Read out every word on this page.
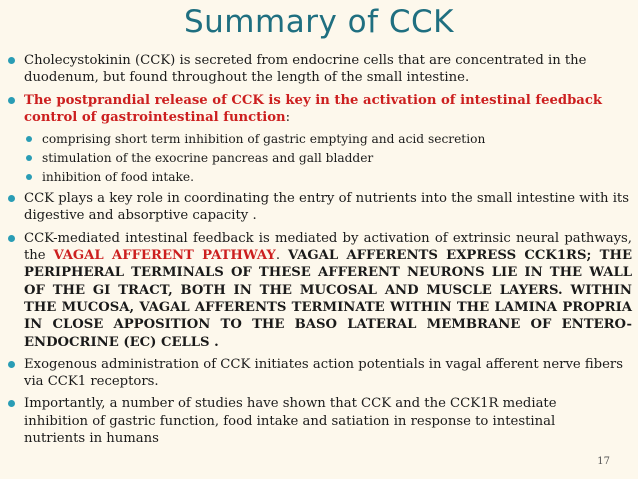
Summary of CCK
Cholecystokinin (CCK) is secreted from endocrine cells that are concentrated in the duodenum, but found throughout the length of the small intestine.
The postprandial release of CCK is key in the activation of intestinal feedback control of gastrointestinal function:
comprising short term inhibition of gastric emptying and acid secretion
stimulation of the exocrine pancreas and gall bladder
inhibition of food intake.
CCK plays a key role in coordinating the entry of nutrients into the small intestine with its digestive and absorptive capacity .
CCK-mediated intestinal feedback is mediated by activation of extrinsic neural pathways, the VAGAL AFFERENT PATHWAY. VAGAL AFFERENTS EXPRESS CCK1RS; THE PERIPHERAL TERMINALS OF THESE AFFERENT NEURONS LIE IN THE WALL OF THE GI TRACT, BOTH IN THE MUCOSAL AND MUSCLE LAYERS. WITHIN THE MUCOSA, VAGAL AFFERENTS TERMINATE WITHIN THE LAMINA PROPRIA IN CLOSE APPOSITION TO THE BASO LATERAL MEMBRANE OF ENTERO-ENDOCRINE (EC) CELLS .
Exogenous administration of CCK initiates action potentials in vagal afferent nerve fibers via CCK1 receptors.
Importantly, a number of studies have shown that CCK and the CCK1R mediate inhibition of gastric function, food intake and satiation in response to intestinal nutrients in humans
17
